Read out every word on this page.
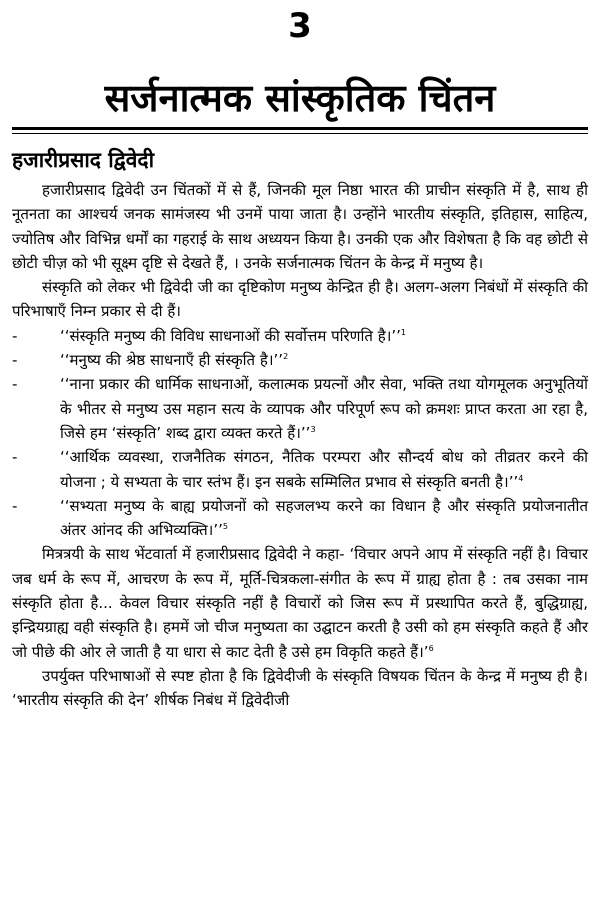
3
सर्जनात्मक सांस्कृतिक चिंतन
हजारीप्रसाद द्विवेदी

हजारीप्रसाद द्विवेदी उन चिंतकों में से हैं, जिनकी मूल निष्ठा भारत की प्राचीन संस्कृति में है, साथ ही नूतनता का आश्चर्य जनक सामंजस्य भी उनमें पाया जाता है। उन्होंने भारतीय संस्कृति, इतिहास, साहित्य, ज्योतिष और विभिन्न धर्मों का गहराई के साथ अध्ययन किया है। उनकी एक और विशेषता है कि वह छोटी से छोटी चीज़ को भी सूक्ष्म दृष्टि से देखते हैं, । उनके सर्जनात्मक चिंतन के केन्द्र में मनुष्य है।

संस्कृति को लेकर भी द्विवेदी जी का दृष्टिकोण मनुष्य केन्द्रित ही है। अलग-अलग निबंधों में संस्कृति की परिभाषाएँ निम्न प्रकार से दी हैं।

- ‘‘संस्कृति मनुष्य की विविध साधनाओं की सर्वोत्तम परिणति है।’’$^1$
- ‘‘मनुष्य की श्रेष्ठ साधनाएँ ही संस्कृति है।’’$^2$
- ‘‘नाना प्रकार की धार्मिक साधनाओं, कलात्मक प्रयत्नों और सेवा, भक्ति तथा योगमूलक अनुभूतियों के भीतर से मनुष्य उस महान सत्य के व्यापक और परिपूर्ण रूप को क्रमशः प्राप्त करता आ रहा है, जिसे हम ‘संस्कृति’ शब्द द्वारा व्यक्त करते हैं।’’$^3$
- ‘‘आर्थिक व्यवस्था, राजनैतिक संगठन, नैतिक परम्परा और सौन्दर्य बोध को तीव्रतर करने की योजना ; ये सभ्यता के चार स्तंभ हैं। इन सबके सम्मिलित प्रभाव से संस्कृति बनती है।’’$^4$
- ‘‘सभ्यता मनुष्य के बाह्य प्रयोजनों को सहजलभ्य करने का विधान है और संस्कृति प्रयोजनातीत अंतर आंनद की अभिव्यक्ति।’’$^5$

मित्रत्रयी के साथ भेंटवार्ता में हजारीप्रसाद द्विवेदी ने कहा- ‘विचार अपने आप में संस्कृति नहीं है। विचार जब धर्म के रूप में, आचरण के रूप में, मूर्ति-चित्रकला-संगीत के रूप में ग्राह्य होता है : तब उसका नाम संस्कृति होता है... केवल विचार संस्कृति नहीं है विचारों को जिस रूप में प्रस्थापित करते हैं, बुद्धिग्राह्य, इन्द्रियग्राह्य वही संस्कृति है। हममें जो चीज मनुष्यता का उद्घाटन करती है उसी को हम संस्कृति कहते हैं और जो पीछे की ओर ले जाती है या धारा से काट देती है उसे हम विकृति कहते हैं।’$^6$

उपर्युक्त परिभाषाओं से स्पष्ट होता है कि द्विवेदीजी के संस्कृति विषयक चिंतन के केन्द्र में मनुष्य ही है। ‘भारतीय संस्कृति की देन’ शीर्षक निबंध में द्विवेदीजी
